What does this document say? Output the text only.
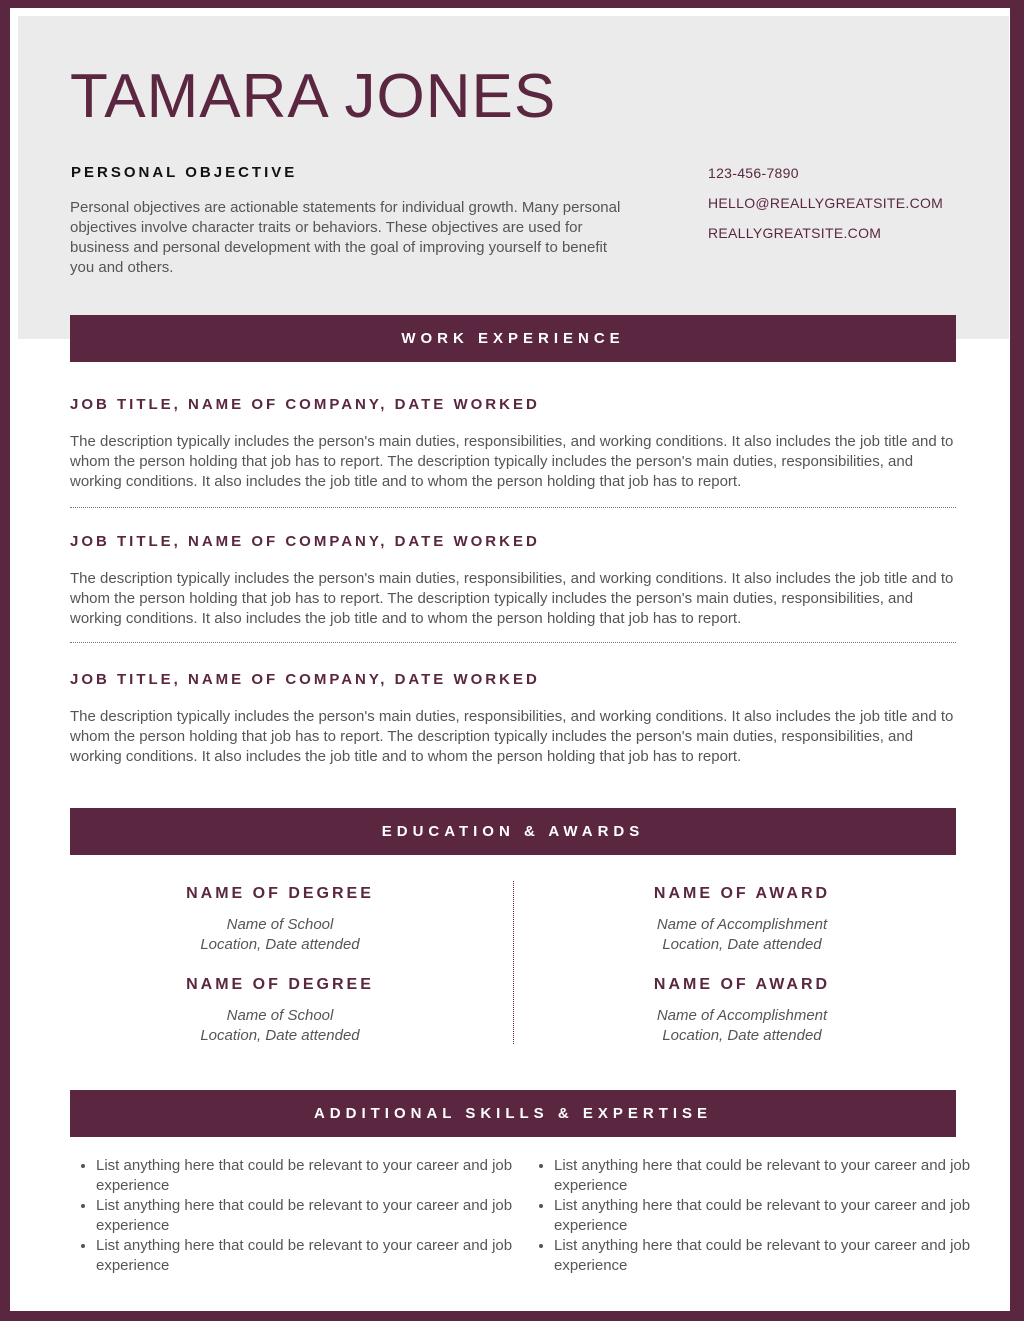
TAMARA JONES
PERSONAL OBJECTIVE
Personal objectives are actionable statements for individual growth. Many personal objectives involve character traits or behaviors. These objectives are used for business and personal development with the goal of improving yourself to benefit you and others.
123-456-7890
HELLO@REALLYGREATSITE.COM
REALLYGREATSITE.COM
WORK EXPERIENCE
JOB TITLE, NAME OF COMPANY, DATE WORKED
The description typically includes the person's main duties, responsibilities, and working conditions. It also includes the job title and to whom the person holding that job has to report. The description typically includes the person's main duties, responsibilities, and working conditions. It also includes the job title and to whom the person holding that job has to report.
JOB TITLE, NAME OF COMPANY, DATE WORKED
The description typically includes the person's main duties, responsibilities, and working conditions. It also includes the job title and to whom the person holding that job has to report. The description typically includes the person's main duties, responsibilities, and working conditions. It also includes the job title and to whom the person holding that job has to report.
JOB TITLE, NAME OF COMPANY, DATE WORKED
The description typically includes the person's main duties, responsibilities, and working conditions. It also includes the job title and to whom the person holding that job has to report. The description typically includes the person's main duties, responsibilities, and working conditions. It also includes the job title and to whom the person holding that job has to report.
EDUCATION & AWARDS
NAME OF DEGREE
Name of School
Location, Date attended
NAME OF DEGREE
Name of School
Location, Date attended
NAME OF AWARD
Name of Accomplishment
Location, Date attended
NAME OF AWARD
Name of Accomplishment
Location, Date attended
ADDITIONAL SKILLS & EXPERTISE
• List anything here that could be relevant to your career and job experience
• List anything here that could be relevant to your career and job experience
• List anything here that could be relevant to your career and job experience
• List anything here that could be relevant to your career and job experience
• List anything here that could be relevant to your career and job experience
• List anything here that could be relevant to your career and job experience
